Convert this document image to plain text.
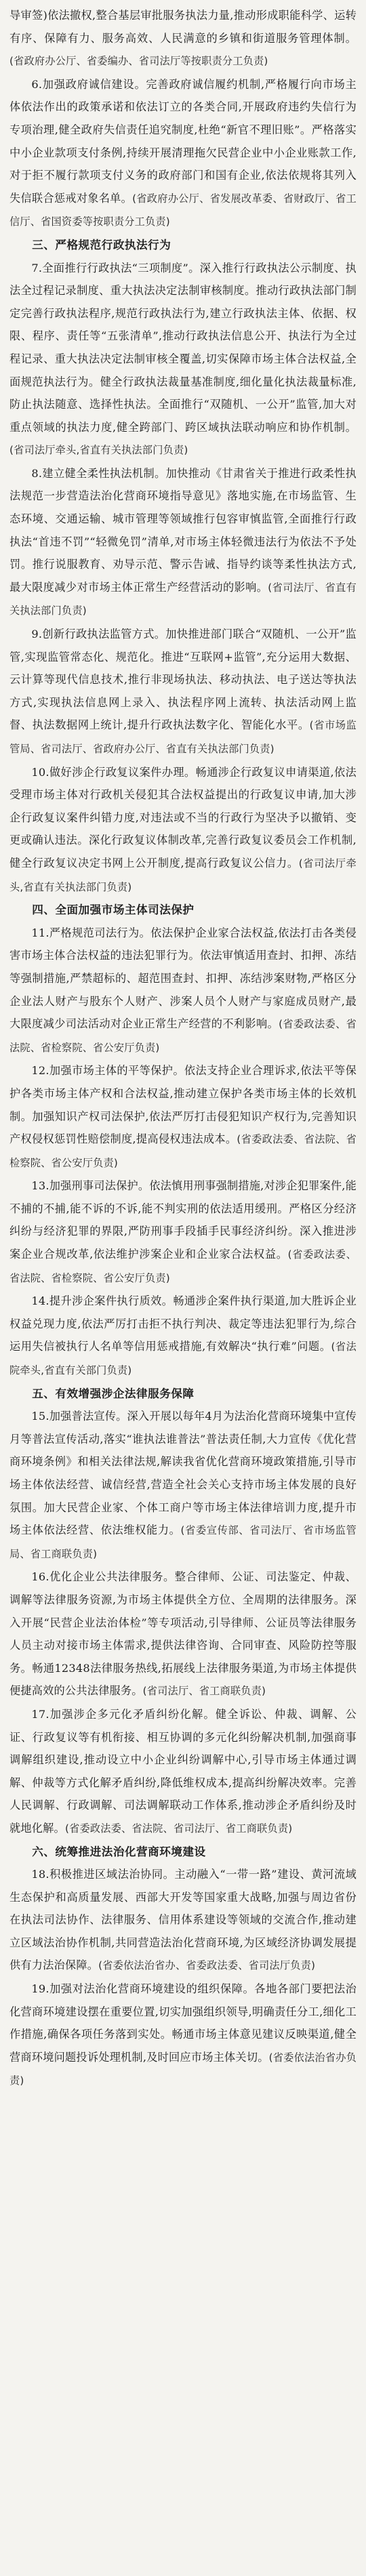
导审签)依法撤权,整合基层审批服务执法力量,推动形成职能科学、运转有序、保障有力、服务高效、人民满意的乡镇和街道服务管理体制。(省政府办公厅、省委编办、省司法厅等按职责分工负责)

6.加强政府诚信建设。完善政府诚信履约机制,严格履行向市场主体依法作出的政策承诺和依法订立的各类合同,开展政府违约失信行为专项治理,健全政府失信责任追究制度,杜绝“新官不理旧账”。严格落实中小企业款项支付条例,持续开展清理拖欠民营企业中小企业账款工作,对于拒不履行款项支付义务的政府部门和国有企业,依法依规将其列入失信联合惩戒对象名单。(省政府办公厅、省发展改革委、省财政厅、省工信厅、省国资委等按职责分工负责)

三、严格规范行政执法行为

7.全面推行行政执法“三项制度”。深入推行行政执法公示制度、执法全过程记录制度、重大执法决定法制审核制度。推动行政执法部门制定完善行政执法程序,规范行政执法行为,建立行政执法主体、依据、权限、程序、责任等“五张清单”,推动行政执法信息公开、执法行为全过程记录、重大执法决定法制审核全覆盖,切实保障市场主体合法权益,全面规范执法行为。健全行政执法裁量基准制度,细化量化执法裁量标准,防止执法随意、选择性执法。全面推行“双随机、一公开”监管,加大对重点领域的执法力度,健全跨部门、跨区域执法联动响应和协作机制。(省司法厅牵头,省直有关执法部门负责)

8.建立健全柔性执法机制。加快推动《甘肃省关于推进行政柔性执法规范一步营造法治化营商环境指导意见》落地实施,在市场监管、生态环境、交通运输、城市管理等领域推行包容审慎监管,全面推行行政执法“首违不罚”“轻微免罚”清单,对市场主体轻微违法行为依法不予处罚。推行说服教育、劝导示范、警示告诫、指导约谈等柔性执法方式,最大限度减少对市场主体正常生产经营活动的影响。(省司法厅、省直有关执法部门负责)

9.创新行政执法监管方式。加快推进部门联合“双随机、一公开”监管,实现监管常态化、规范化。推进“互联网+监管”,充分运用大数据、云计算等现代信息技术,推行非现场执法、移动执法、电子送达等执法方式,实现执法信息网上录入、执法程序网上流转、执法活动网上监督、执法数据网上统计,提升行政执法数字化、智能化水平。(省市场监管局、省司法厅、省政府办公厅、省直有关执法部门负责)

10.做好涉企行政复议案件办理。畅通涉企行政复议申请渠道,依法受理市场主体对行政机关侵犯其合法权益提出的行政复议申请,加大涉企行政复议案件纠错力度,对违法或不当的行政行为坚决予以撤销、变更或确认违法。深化行政复议体制改革,完善行政复议委员会工作机制,健全行政复议决定书网上公开制度,提高行政复议公信力。(省司法厅牵头,省直有关执法部门负责)

四、全面加强市场主体司法保护

11.严格规范司法行为。依法保护企业家合法权益,依法打击各类侵害市场主体合法权益的违法犯罪行为。依法审慎适用查封、扣押、冻结等强制措施,严禁超标的、超范围查封、扣押、冻结涉案财物,严格区分企业法人财产与股东个人财产、涉案人员个人财产与家庭成员财产,最大限度减少司法活动对企业正常生产经营的不利影响。(省委政法委、省法院、省检察院、省公安厅负责)

12.加强市场主体的平等保护。依法支持企业合理诉求,依法平等保护各类市场主体产权和合法权益,推动建立保护各类市场主体的长效机制。加强知识产权司法保护,依法严厉打击侵犯知识产权行为,完善知识产权侵权惩罚性赔偿制度,提高侵权违法成本。(省委政法委、省法院、省检察院、省公安厅负责)

13.加强刑事司法保护。依法慎用刑事强制措施,对涉企犯罪案件,能不捕的不捕,能不诉的不诉,能不判实刑的依法适用缓刑。严格区分经济纠纷与经济犯罪的界限,严防刑事手段插手民事经济纠纷。深入推进涉案企业合规改革,依法维护涉案企业和企业家合法权益。(省委政法委、省法院、省检察院、省公安厅负责)

14.提升涉企案件执行质效。畅通涉企案件执行渠道,加大胜诉企业权益兑现力度,依法严厉打击拒不执行判决、裁定等违法犯罪行为,综合运用失信被执行人名单等信用惩戒措施,有效解决“执行难”问题。(省法院牵头,省直有关部门负责)

五、有效增强涉企法律服务保障

15.加强普法宣传。深入开展以每年4月为法治化营商环境集中宣传月等普法宣传活动,落实“谁执法谁普法”普法责任制,大力宣传《优化营商环境条例》和相关法律法规,解读我省优化营商环境政策措施,引导市场主体依法经营、诚信经营,营造全社会关心支持市场主体发展的良好氛围。加大民营企业家、个体工商户等市场主体法律培训力度,提升市场主体依法经营、依法维权能力。(省委宣传部、省司法厅、省市场监管局、省工商联负责)

16.优化企业公共法律服务。整合律师、公证、司法鉴定、仲裁、调解等法律服务资源,为市场主体提供全方位、全周期的法律服务。深入开展“民营企业法治体检”等专项活动,引导律师、公证员等法律服务人员主动对接市场主体需求,提供法律咨询、合同审查、风险防控等服务。畅通12348法律服务热线,拓展线上法律服务渠道,为市场主体提供便捷高效的公共法律服务。(省司法厅、省工商联负责)

17.加强涉企多元化矛盾纠纷化解。健全诉讼、仲裁、调解、公证、行政复议等有机衔接、相互协调的多元化纠纷解决机制,加强商事调解组织建设,推动设立中小企业纠纷调解中心,引导市场主体通过调解、仲裁等方式化解矛盾纠纷,降低维权成本,提高纠纷解决效率。完善人民调解、行政调解、司法调解联动工作体系,推动涉企矛盾纠纷及时就地化解。(省委政法委、省法院、省司法厅、省工商联负责)

六、统筹推进法治化营商环境建设

18.积极推进区域法治协同。主动融入“一带一路”建设、黄河流域生态保护和高质量发展、西部大开发等国家重大战略,加强与周边省份在执法司法协作、法律服务、信用体系建设等领域的交流合作,推动建立区域法治协作机制,共同营造法治化营商环境,为区域经济协调发展提供有力法治保障。(省委依法治省办、省委政法委、省司法厅负责)

19.加强对法治化营商环境建设的组织保障。各地各部门要把法治化营商环境建设摆在重要位置,切实加强组织领导,明确责任分工,细化工作措施,确保各项任务落到实处。畅通市场主体意见建议反映渠道,健全营商环境问题投诉处理机制,及时回应市场主体关切。(省委依法治省办负责)
